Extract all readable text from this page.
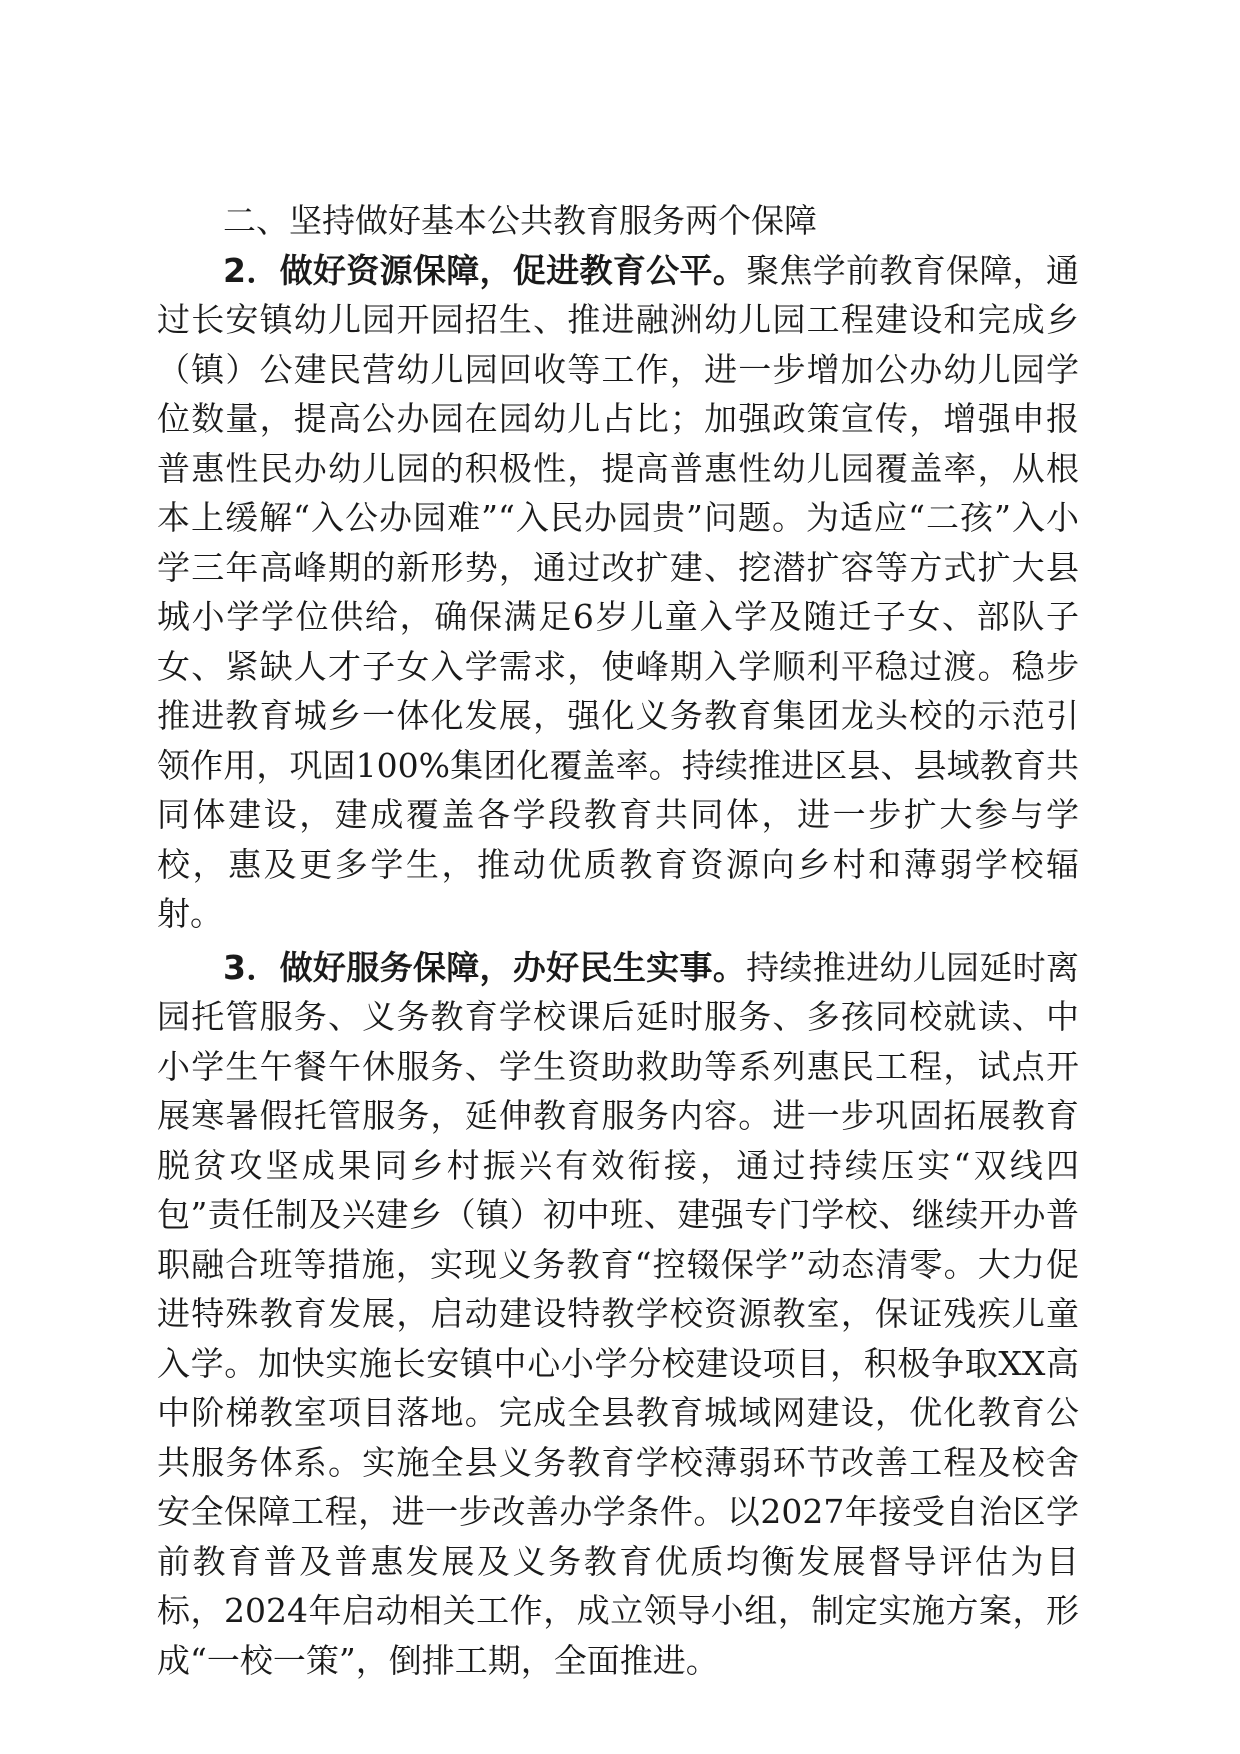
二、坚持做好基本公共教育服务两个保障

2．做好资源保障，促进教育公平。聚焦学前教育保障，通过长安镇幼儿园开园招生、推进融洲幼儿园工程建设和完成乡（镇）公建民营幼儿园回收等工作，进一步增加公办幼儿园学位数量，提高公办园在园幼儿占比；加强政策宣传，增强申报普惠性民办幼儿园的积极性，提高普惠性幼儿园覆盖率，从根本上缓解“入公办园难”“入民办园贵”问题。为适应“二孩”入小学三年高峰期的新形势，通过改扩建、挖潜扩容等方式扩大县城小学学位供给，确保满足6岁儿童入学及随迁子女、部队子女、紧缺人才子女入学需求，使峰期入学顺利平稳过渡。稳步推进教育城乡一体化发展，强化义务教育集团龙头校的示范引领作用，巩固100%集团化覆盖率。持续推进区县、县域教育共同体建设，建成覆盖各学段教育共同体，进一步扩大参与学校，惠及更多学生，推动优质教育资源向乡村和薄弱学校辐射。

3．做好服务保障，办好民生实事。持续推进幼儿园延时离园托管服务、义务教育学校课后延时服务、多孩同校就读、中小学生午餐午休服务、学生资助救助等系列惠民工程，试点开展寒暑假托管服务，延伸教育服务内容。进一步巩固拓展教育脱贫攻坚成果同乡村振兴有效衔接，通过持续压实“双线四包”责任制及兴建乡（镇）初中班、建强专门学校、继续开办普职融合班等措施，实现义务教育“控辍保学”动态清零。大力促进特殊教育发展，启动建设特教学校资源教室，保证残疾儿童入学。加快实施长安镇中心小学分校建设项目，积极争取XX高中阶梯教室项目落地。完成全县教育城域网建设，优化教育公共服务体系。实施全县义务教育学校薄弱环节改善工程及校舍安全保障工程，进一步改善办学条件。以2027年接受自治区学前教育普及普惠发展及义务教育优质均衡发展督导评估为目标，2024年启动相关工作，成立领导小组，制定实施方案，形成“一校一策”，倒排工期，全面推进。
